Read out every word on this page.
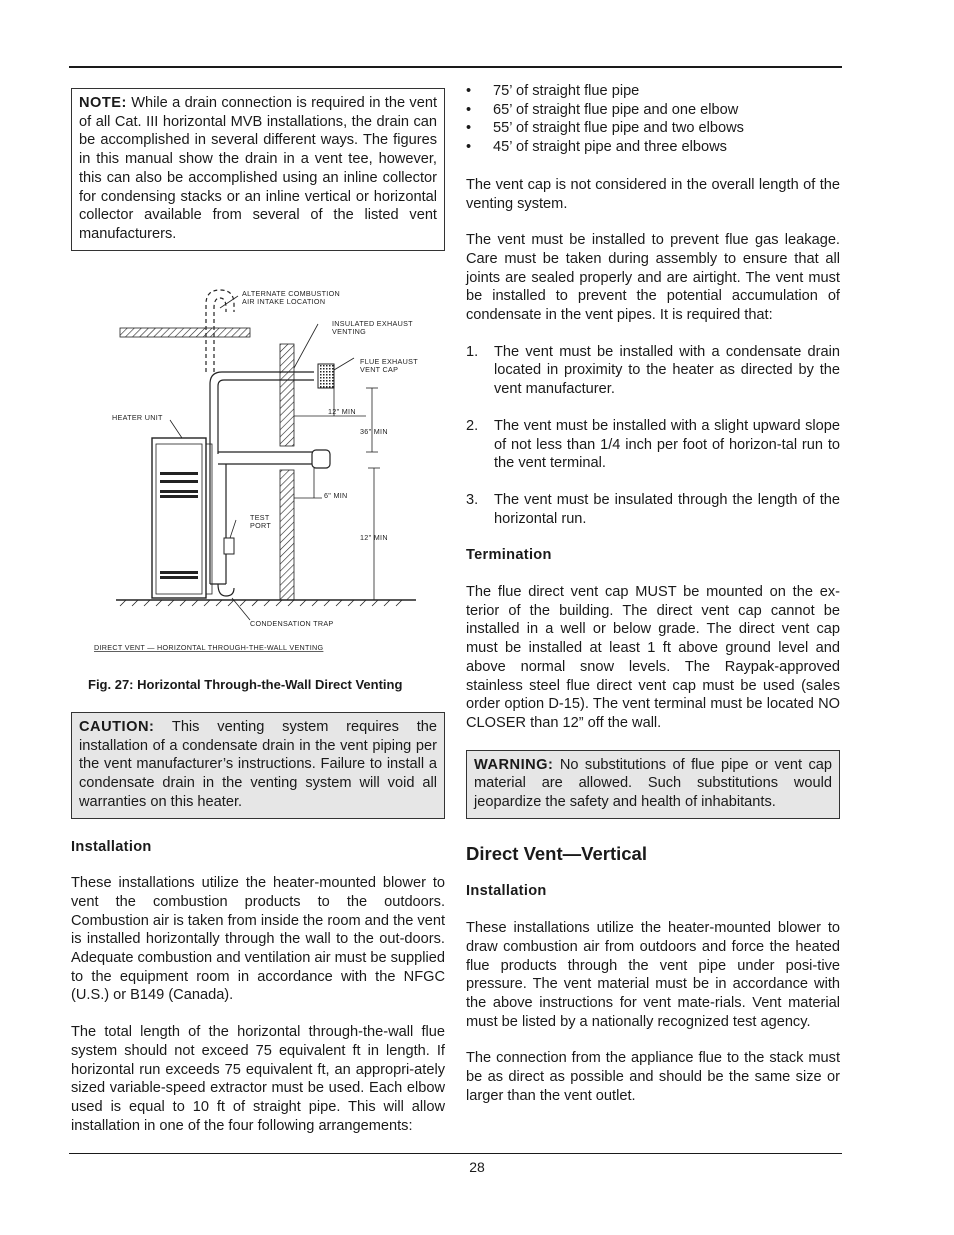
NOTE: While a drain connection is required in the vent of all Cat. III horizontal MVB installations, the drain can be accomplished in several different ways. The figures in this manual show the drain in a vent tee, however, this can also be accomplished using an inline collector for condensing stacks or an inline vertical or horizontal collector available from several of the listed vent manufacturers.
ALTERNATE COMBUSTION
AIR INTAKE LOCATION
INSULATED EXHAUST
VENTING
FLUE EXHAUST
VENT CAP
HEATER UNIT
12" MIN
36" MIN
6" MIN
TEST
PORT
12" MIN
CONDENSATION TRAP
DIRECT VENT — HORIZONTAL THROUGH-THE-WALL VENTING
Fig. 27: Horizontal Through-the-Wall Direct Venting
CAUTION: This venting system requires the installation of a condensate drain in the vent piping per the vent manufacturer’s instructions. Failure to install a condensate drain in the venting system will void all warranties on this heater.
Installation

These installations utilize the heater-mounted blower to vent the combustion products to the outdoors. Combustion air is taken from inside the room and the vent is installed horizontally through the wall to the out-doors. Adequate combustion and ventilation air must be supplied to the equipment room in accordance with the NFGC (U.S.) or B149 (Canada).

The total length of the horizontal through-the-wall flue system should not exceed 75 equivalent ft in length. If horizontal run exceeds 75 equivalent ft, an appropri-ately sized variable-speed extractor must be used. Each elbow used is equal to 10 ft of straight pipe. This will allow installation in one of the four following arrangements:

• 75’ of straight flue pipe
• 65’ of straight flue pipe and one elbow
• 55’ of straight flue pipe and two elbows
• 45’ of straight pipe and three elbows

The vent cap is not considered in the overall length of the venting system.

The vent must be installed to prevent flue gas leakage. Care must be taken during assembly to ensure that all joints are sealed properly and are airtight. The vent must be installed to prevent the potential accumulation of condensate in the vent pipes. It is required that:

1. The vent must be installed with a condensate drain located in proximity to the heater as directed by the vent manufacturer.
2. The vent must be installed with a slight upward slope of not less than 1/4 inch per foot of horizon-tal run to the vent terminal.
3. The vent must be insulated through the length of the horizontal run.
Termination

The flue direct vent cap MUST be mounted on the ex-terior of the building. The direct vent cap cannot be installed in a well or below grade. The direct vent cap must be installed at least 1 ft above ground level and above normal snow levels. The Raypak-approved stainless steel flue direct vent cap must be used (sales order option D-15). The vent terminal must be located NO CLOSER than 12” off the wall.

WARNING: No substitutions of flue pipe or vent cap material are allowed. Such substitutions would jeopardize the safety and health of inhabitants.
Direct Vent—Vertical
Installation

These installations utilize the heater-mounted blower to draw combustion air from outdoors and force the heated flue products through the vent pipe under posi-tive pressure. The vent material must be in accordance with the above instructions for vent mate-rials. Vent material must be listed by a nationally recognized test agency.

The connection from the appliance flue to the stack must be as direct as possible and should be the same size or larger than the vent outlet.

28
